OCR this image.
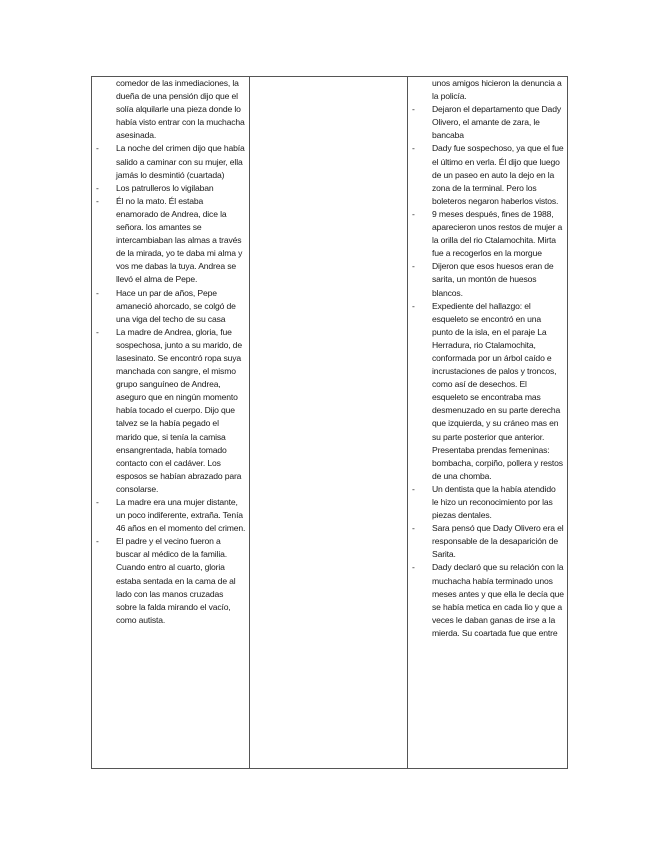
comedor de las inmediaciones, la dueña de una pensión dijo que el solía alquilarle una pieza donde lo había visto entrar con la muchacha asesinada.
- La noche del crimen dijo que había salido a caminar con su mujer, ella jamás lo desmintió (cuartada)
- Los patrulleros lo vigilaban
- Él no la mato. Él estaba enamorado de Andrea, dice la señora. los amantes se intercambiaban las almas a través de la mirada, yo te daba mi alma y vos me dabas la tuya. Andrea se llevó el alma de Pepe.
- Hace un par de años, Pepe amaneció ahorcado, se colgó de una viga del techo de su casa
- La madre de Andrea, gloria, fue sospechosa, junto a su marido, de lasesinato. Se encontró ropa suya manchada con sangre, el mismo grupo sanguíneo de Andrea, aseguro que en ningún momento había tocado el cuerpo. Dijo que talvez se la había pegado el marido que, si tenía la camisa ensangrentada, había tomado contacto con el cadáver. Los esposos se habían abrazado para consolarse.
- La madre era una mujer distante, un poco indiferente, extraña. Tenía 46 años en el momento del crimen.
- El padre y el vecino fueron a buscar al médico de la familia. Cuando entro al cuarto, gloria estaba sentada en la cama de al lado con las manos cruzadas sobre la falda mirando el vacío, como autista.

unos amigos hicieron la denuncia a la policía.
- Dejaron el departamento que Dady Olivero, el amante de zara, le bancaba
- Dady fue sospechoso, ya que el fue el último en verla. Él dijo que luego de un paseo en auto la dejo en la zona de la terminal. Pero los boleteros negaron haberlos vistos.
- 9 meses después, fines de 1988, aparecieron unos restos de mujer a la orilla del rio Ctalamochita. Mirta fue a recogerlos en la morgue
- Dijeron que esos huesos eran de sarita, un montón de huesos blancos.
- Expediente del hallazgo: el esqueleto se encontró en una punto de la isla, en el paraje La Herradura, rio Ctalamochita, conformada por un árbol caído e incrustaciones de palos y troncos, como así de desechos. El esqueleto se encontraba mas desmenuzado en su parte derecha que izquierda, y su cráneo mas en su parte posterior que anterior. Presentaba prendas femeninas: bombacha, corpiño, pollera y restos de una chomba.
- Un dentista que la había atendido le hizo un reconocimiento por las piezas dentales.
- Sara pensó que Dady Olivero era el responsable de la desaparición de Sarita.
- Dady declaró que su relación con la muchacha había terminado unos meses antes y que ella le decía que se había metica en cada lio y que a veces le daban ganas de irse a la mierda. Su coartada fue que entre
